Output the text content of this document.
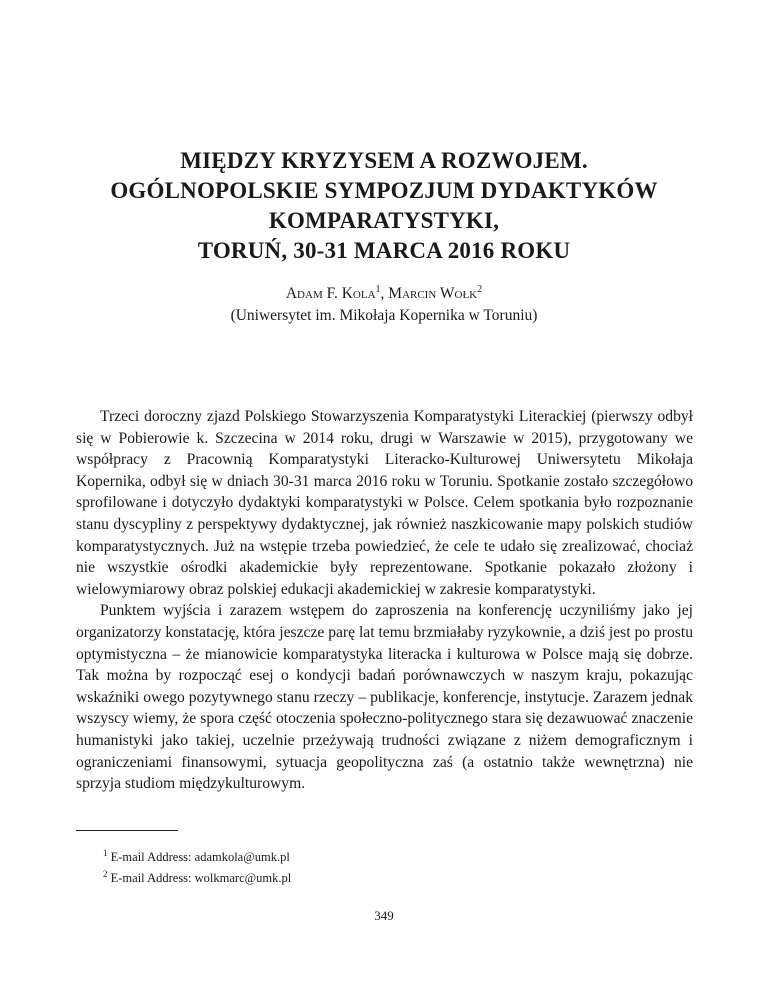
MIĘDZY KRYZYSEM A ROZWOJEM.
OGÓLNOPOLSKIE SYMPOZJUM DYDAKTYKÓW
KOMPARATYSTYKI,
TORUŃ, 30-31 MARCA 2016 ROKU
Adam F. Kola$^1$, Marcin Wołk$^2$
(Uniwersytet im. Mikołaja Kopernika w Toruniu)

Trzeci doroczny zjazd Polskiego Stowarzyszenia Komparatystyki Literackiej (pierwszy odbył się w Pobierowie k. Szczecina w 2014 roku, drugi w Warszawie w 2015), przygotowany we współpracy z Pracownią Komparatystyki Literacko-Kulturowej Uniwersytetu Mikołaja Kopernika, odbył się w dniach 30-31 marca 2016 roku w Toruniu. Spotkanie zostało szczegółowo sprofilowane i dotyczyło dydaktyki komparatystyki w Polsce. Celem spotkania było rozpoznanie stanu dyscypliny z perspektywy dydaktycznej, jak również naszkicowanie mapy polskich studiów komparatystycznych. Już na wstępie trzeba powiedzieć, że cele te udało się zrealizować, chociaż nie wszystkie ośrodki akademickie były reprezentowane. Spotkanie pokazało złożony i wielowymiarowy obraz polskiej edukacji akademickiej w zakresie komparatystyki.

Punktem wyjścia i zarazem wstępem do zaproszenia na konferencję uczyniliśmy jako jej organizatorzy konstatację, która jeszcze parę lat temu brzmiałaby ryzykownie, a dziś jest po prostu optymistyczna – że mianowicie komparatystyka literacka i kulturowa w Polsce mają się dobrze. Tak można by rozpocząć esej o kondycji badań porównawczych w naszym kraju, pokazując wskaźniki owego pozytywnego stanu rzeczy – publikacje, konferencje, instytucje. Zarazem jednak wszyscy wiemy, że spora część otoczenia społeczno-politycznego stara się dezawuować znaczenie humanistyki jako takiej, uczelnie przeżywają trudności związane z niżem demograficznym i ograniczeniami finansowymi, sytuacja geopolityczna zaś (a ostatnio także wewnętrzna) nie sprzyja studiom międzykulturowym.

$^1$ E-mail Address: adamkola@umk.pl
$^2$ E-mail Address: wolkmarc@umk.pl
349
